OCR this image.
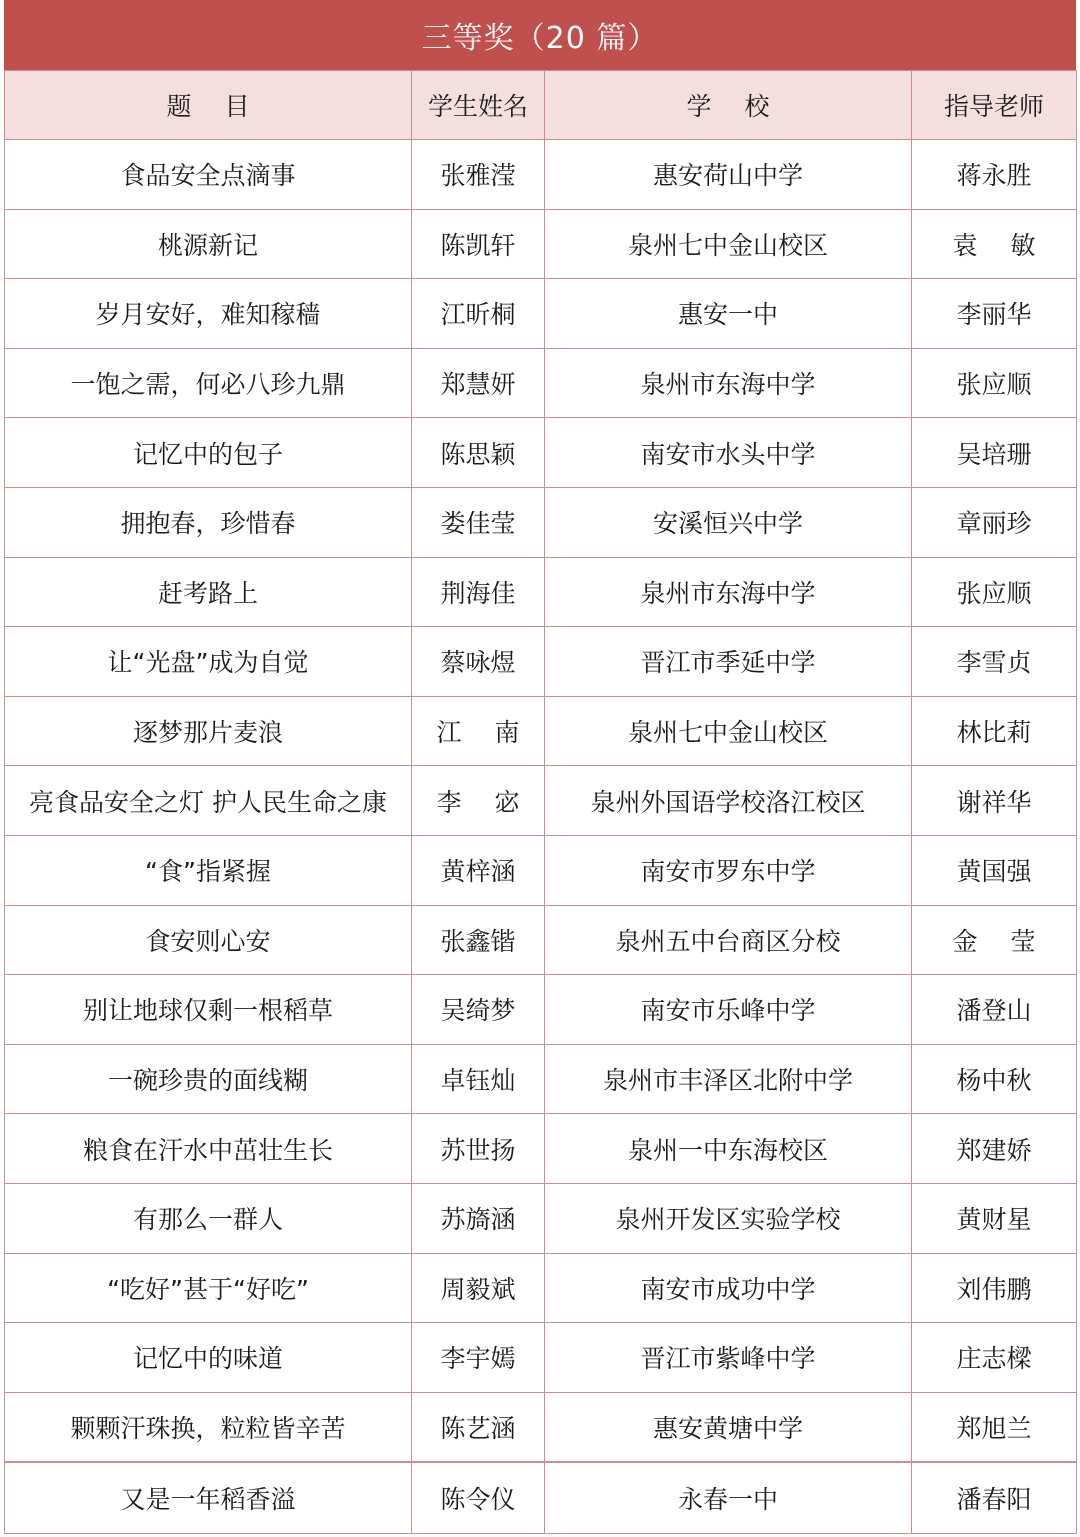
三等奖（20 篇）
题　 目	学生姓名	学　 校	指导老师
食品安全点滴事	张雅滢	惠安荷山中学	蒋永胜
桃源新记	陈凯轩	泉州七中金山校区	袁　 敏
岁月安好，难知稼穑	江昕桐	惠安一中	李丽华
一饱之需，何必八珍九鼎	郑慧妍	泉州市东海中学	张应顺
记忆中的包子	陈思颖	南安市水头中学	吴培珊
拥抱春，珍惜春	娄佳莹	安溪恒兴中学	章丽珍
赶考路上	荆海佳	泉州市东海中学	张应顺
让“光盘”成为自觉	蔡咏煜	晋江市季延中学	李雪贞
逐梦那片麦浪	江　 南	泉州七中金山校区	林比莉
亮食品安全之灯 护人民生命之康	李　 宓	泉州外国语学校洛江校区	谢祥华
“食”指紧握	黄梓涵	南安市罗东中学	黄国强
食安则心安	张鑫锴	泉州五中台商区分校	金　 莹
别让地球仅剩一根稻草	吴绮梦	南安市乐峰中学	潘登山
一碗珍贵的面线糊	卓钰灿	泉州市丰泽区北附中学	杨中秋
粮食在汗水中茁壮生长	苏世扬	泉州一中东海校区	郑建娇
有那么一群人	苏旖涵	泉州开发区实验学校	黄财星
“吃好”甚于“好吃”	周毅斌	南安市成功中学	刘伟鹏
记忆中的味道	李宇嫣	晋江市紫峰中学	庄志樑
颗颗汗珠换，粒粒皆辛苦	陈艺涵	惠安黄塘中学	郑旭兰
又是一年稻香溢	陈令仪	永春一中	潘春阳
